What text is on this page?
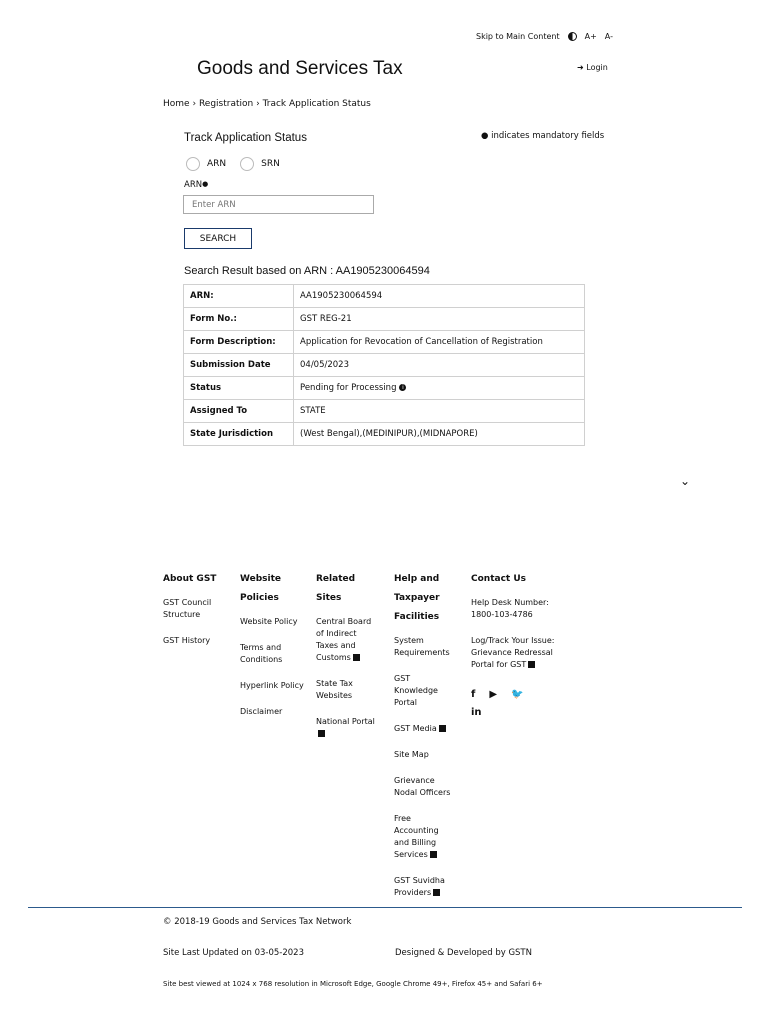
Skip to Main Content	A+ A-
Goods and Services Tax	➜ Login
Home › Registration › Track Application Status
Track Application Status	● indicates mandatory fields
ARN	SRN
ARN●
Enter ARN
SEARCH
Search Result based on ARN : AA1905230064594
ARN:	AA1905230064594
Form No.:	GST REG-21
Form Description:	Application for Revocation of Cancellation of Registration
Submission Date	04/05/2023
Status	Pending for Processing i
Assigned To	STATE
State Jurisdiction	(West Bengal),(MEDINIPUR),(MIDNAPORE)
⌄
About GST
GST Council Structure
GST History
Website Policies
Website Policy
Terms and Conditions
Hyperlink Policy
Disclaimer
Related Sites
Central Board of Indirect Taxes and Customs
State Tax Websites
National Portal
Help and Taxpayer Facilities
System Requirements
GST Knowledge Portal
GST Media
Site Map
Grievance Nodal Officers
Free Accounting and Billing Services
GST Suvidha Providers
Contact Us
Help Desk Number:
1800-103-4786
Log/Track Your Issue: Grievance Redressal Portal for GST
f ▶ 🐦
in
© 2018-19 Goods and Services Tax Network
Site Last Updated on 03-05-2023	Designed & Developed by GSTN
Site best viewed at 1024 x 768 resolution in Microsoft Edge, Google Chrome 49+, Firefox 45+ and Safari 6+
